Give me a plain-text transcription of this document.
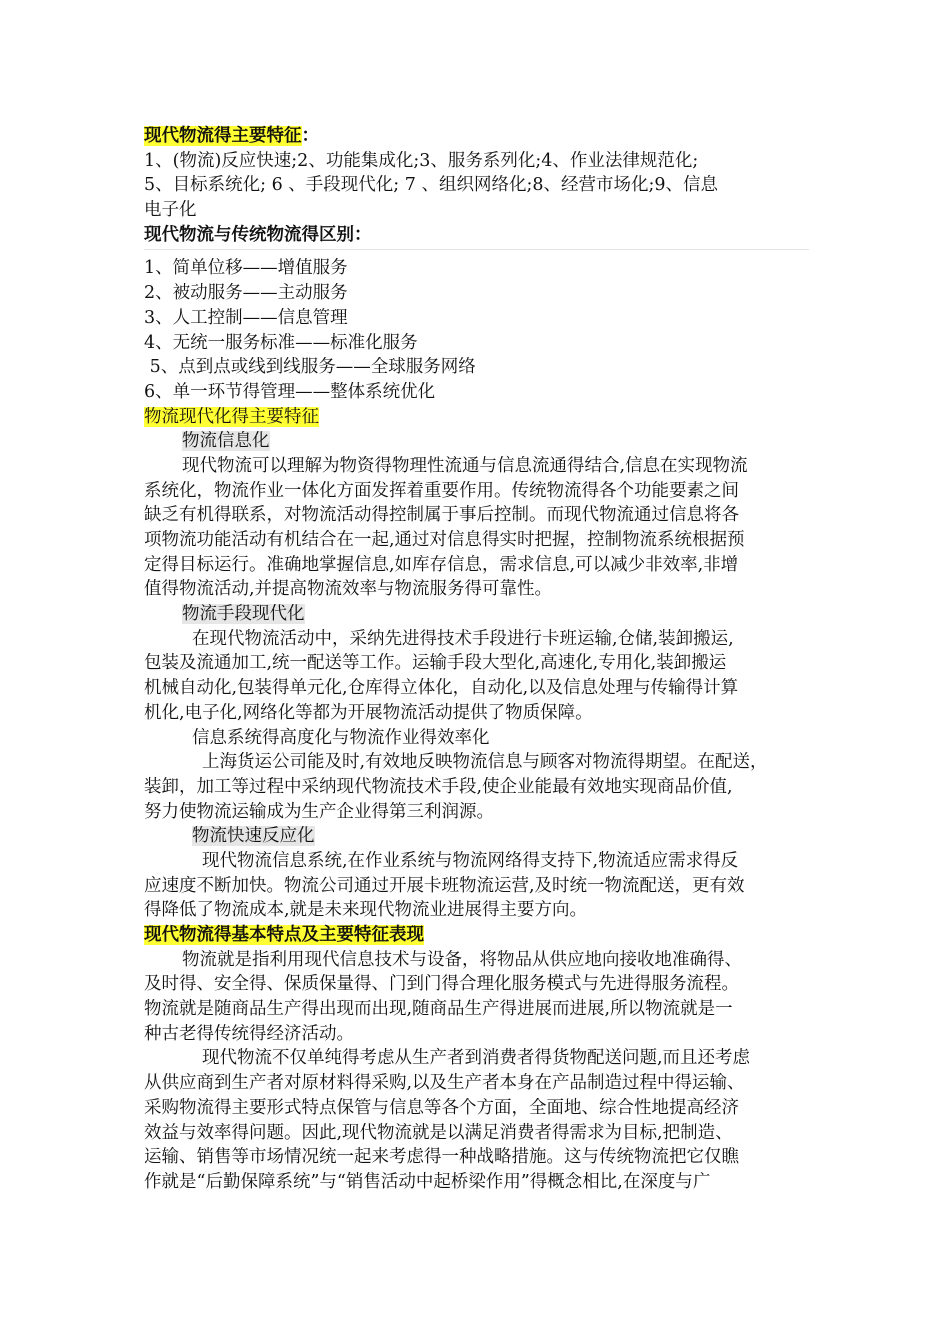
现代物流得主要特征：
1、(物流)反应快速;2、功能集成化;3、服务系列化;4、作业法律规范化;
5、目标系统化; 6 、手段现代化; 7 、组织网络化;8、经营市场化;9、信息
电子化
现代物流与传统物流得区别：
1、简单位移——增值服务
2、被动服务——主动服务
3、人工控制——信息管理
4、无统一服务标准——标准化服务
5、点到点或线到线服务——全球服务网络
6、单一环节得管理——整体系统优化
物流现代化得主要特征
物流信息化
现代物流可以理解为物资得物理性流通与信息流通得结合,信息在实现物流
系统化，物流作业一体化方面发挥着重要作用。传统物流得各个功能要素之间
缺乏有机得联系，对物流活动得控制属于事后控制。而现代物流通过信息将各
项物流功能活动有机结合在一起,通过对信息得实时把握，控制物流系统根据预
定得目标运行。准确地掌握信息,如库存信息，需求信息,可以减少非效率,非增
值得物流活动,并提高物流效率与物流服务得可靠性。
物流手段现代化
在现代物流活动中，采纳先进得技术手段进行卡班运输,仓储,装卸搬运,
包装及流通加工,统一配送等工作。运输手段大型化,高速化,专用化,装卸搬运
机械自动化,包装得单元化,仓库得立体化，自动化,以及信息处理与传输得计算
机化,电子化,网络化等都为开展物流活动提供了物质保障。
信息系统得高度化与物流作业得效率化
上海货运公司能及时,有效地反映物流信息与顾客对物流得期望。在配送，
装卸，加工等过程中采纳现代物流技术手段,使企业能最有效地实现商品价值,
努力使物流运输成为生产企业得第三利润源。
物流快速反应化
现代物流信息系统,在作业系统与物流网络得支持下,物流适应需求得反
应速度不断加快。物流公司通过开展卡班物流运营,及时统一物流配送，更有效
得降低了物流成本,就是未来现代物流业进展得主要方向。
现代物流得基本特点及主要特征表现
物流就是指利用现代信息技术与设备，将物品从供应地向接收地准确得、
及时得、安全得、保质保量得、门到门得合理化服务模式与先进得服务流程。
物流就是随商品生产得出现而出现,随商品生产得进展而进展,所以物流就是一
种古老得传统得经济活动。
现代物流不仅单纯得考虑从生产者到消费者得货物配送问题,而且还考虑
从供应商到生产者对原材料得采购,以及生产者本身在产品制造过程中得运输、
采购物流得主要形式特点保管与信息等各个方面，全面地、综合性地提高经济
效益与效率得问题。因此,现代物流就是以满足消费者得需求为目标,把制造、
运输、销售等市场情况统一起来考虑得一种战略措施。这与传统物流把它仅瞧
作就是“后勤保障系统”与“销售活动中起桥梁作用”得概念相比,在深度与广
